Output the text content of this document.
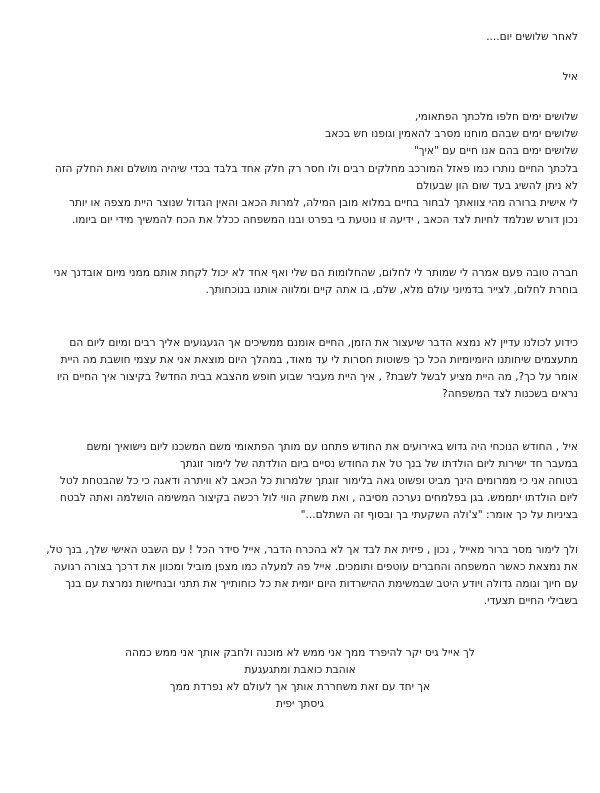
לאחר שלושים יום....
איל
שלושים ימים חלפו מלכתך הפתאומי,
שלושים ימים שבהם מוחנו מסרב להאמין וגופנו חש בכאב
שלושים ימים בהם אנו חיים עם "איך"
בלכתך החיים נותרו כמו פאזל המורכב מחלקים רבים ולו חסר רק חלק אחד בלבד בכדי שיהיה מושלם ואת החלק הזה
לא ניתן להשיג בעד שום הון שבעולם
לי אישית ברורה מהי צוואתך לבחור בחיים במלוא מובן המילה, למרות הכאב והאין הגדול שנוצר היית מצפה או יותר
נכון דורש שנלמד לחיות לצד הכאב , ידיעה זו נוטעת בי בפרט ובנו המשפחה ככלל את הכח להמשיך מידי יום ביומו.
חברה טובה פעם אמרה לי שמותר לי לחלום, שהחלומות הם שלי ואף אחד לא יכול לקחת אותם ממני מיום אובדנך אני
בוחרת לחלום, לצייר בדמיוני עולם מלא, שלם, בו אתה קיים ומלווה אותנו בנוכחותך.
כידוע לכולנו עדיין לא נמצא הדבר שיעצור את הזמן, החיים אומנם ממשיכים אך הגעגועים אליך רבים ומיום ליום הם
מתעצמים שיחותנו היומיומיות הכל כך פשוטות חסרות לי עד מאוד, במהלך היום מוצאת אני את עצמי חושבת מה היית
אומר על כך?, מה היית מציע לבשל לשבת? , איך היית מעביר שבוע חופש מהצבא בבית החדש? בקיצור איך החיים היו
נראים בשכנות לצד המשפחה?
איל , החודש הנוכחי היה גדוש באירועים את החודש פתחנו עם מותך הפתאומי משם המשכנו ליום נישואיך ומשם
במעבר חד ישירות ליום הולדתו של בנך טל את החודש נסיים ביום הולדתה של לימור זוגתך
בטוחה אני כי ממרומים הינך מביט ופשוט גאה בלימור זוגתך שלמרות כל הכאב לא וויתרה ודאגה כי כל שהבטחת לטל
ליום הולדתו יתממש. בגן בפלמחים נערכה מסיבה , ואת משחק הווי לול רכשה בקיצור המשימה הושלמה ואתה לבטח
בציניות על כך אומר: "צ'ולה השקעתי בך ובסוף זה השתלם..."
ולך לימור מסר ברור מאייל , נכון , פיזית את לבד אך לא בהכרח הדבר, אייל סידר הכל ! עם השבט האישי שלך, בנך טל,
את נמצאת כאשר המשפחה והחברים עוטפים ותומכים. אייל פה למעלה כמו מצפן מוביל ומכוון את דרכך בצורה רגועה
עם חיוך וגומה גדולה ויודע היטב שבמשימת ההישרדות היום יומית את כל כוחותייך את תתני ובנחישות נמרצת עם בנך
בשבילי החיים תצעדי.
לך אייל גיס יקר להיפרד ממך אני ממש לא מוכנה ולחבק אותך אני ממש כמהה
אוהבת כואבת ומתגעגעת
אך יחד עם זאת משחררת אותך אך לעולם לא נפרדת ממך
גיסתך יפית
